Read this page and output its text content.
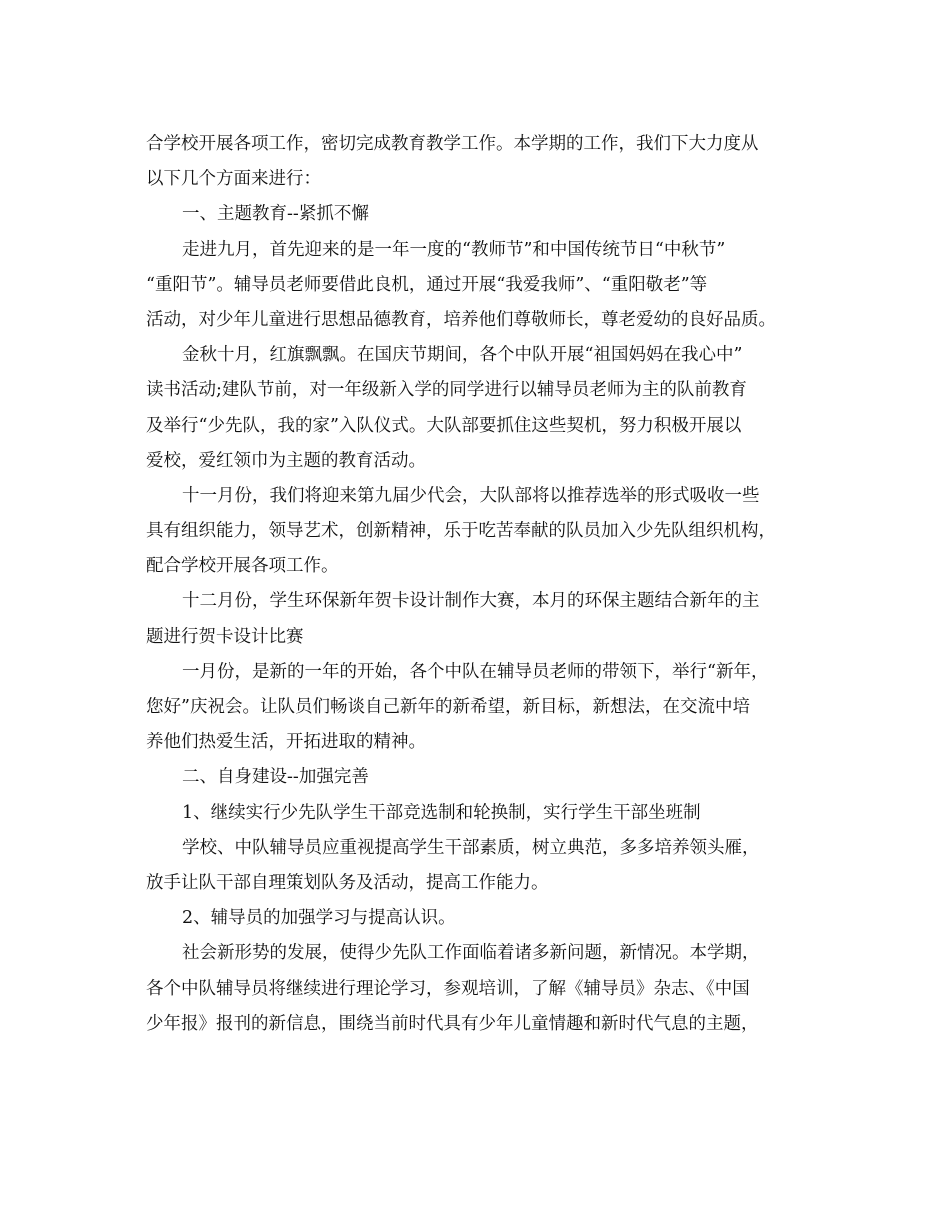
合学校开展各项工作，密切完成教育教学工作。本学期的工作，我们下大力度从
以下几个方面来进行：
一、主题教育--紧抓不懈
走进九月，首先迎来的是一年一度的“教师节”和中国传统节日“中秋节”
“重阳节”。辅导员老师要借此良机，通过开展“我爱我师”、“重阳敬老”等
活动，对少年儿童进行思想品德教育，培养他们尊敬师长，尊老爱幼的良好品质。
金秋十月，红旗飘飘。在国庆节期间，各个中队开展“祖国妈妈在我心中”
读书活动;建队节前，对一年级新入学的同学进行以辅导员老师为主的队前教育
及举行“少先队，我的家”入队仪式。大队部要抓住这些契机，努力积极开展以
爱校，爱红领巾为主题的教育活动。
十一月份，我们将迎来第九届少代会，大队部将以推荐选举的形式吸收一些
具有组织能力，领导艺术，创新精神，乐于吃苦奉献的队员加入少先队组织机构，
配合学校开展各项工作。
十二月份，学生环保新年贺卡设计制作大赛，本月的环保主题结合新年的主
题进行贺卡设计比赛
一月份，是新的一年的开始，各个中队在辅导员老师的带领下，举行“新年，
您好”庆祝会。让队员们畅谈自己新年的新希望，新目标，新想法，在交流中培
养他们热爱生活，开拓进取的精神。
二、自身建设--加强完善
1、继续实行少先队学生干部竞选制和轮换制，实行学生干部坐班制
学校、中队辅导员应重视提高学生干部素质，树立典范，多多培养领头雁，
放手让队干部自理策划队务及活动，提高工作能力。
2、辅导员的加强学习与提高认识。
社会新形势的发展，使得少先队工作面临着诸多新问题，新情况。本学期，
各个中队辅导员将继续进行理论学习，参观培训，了解《辅导员》杂志、《中国
少年报》报刊的新信息，围绕当前时代具有少年儿童情趣和新时代气息的主题，
